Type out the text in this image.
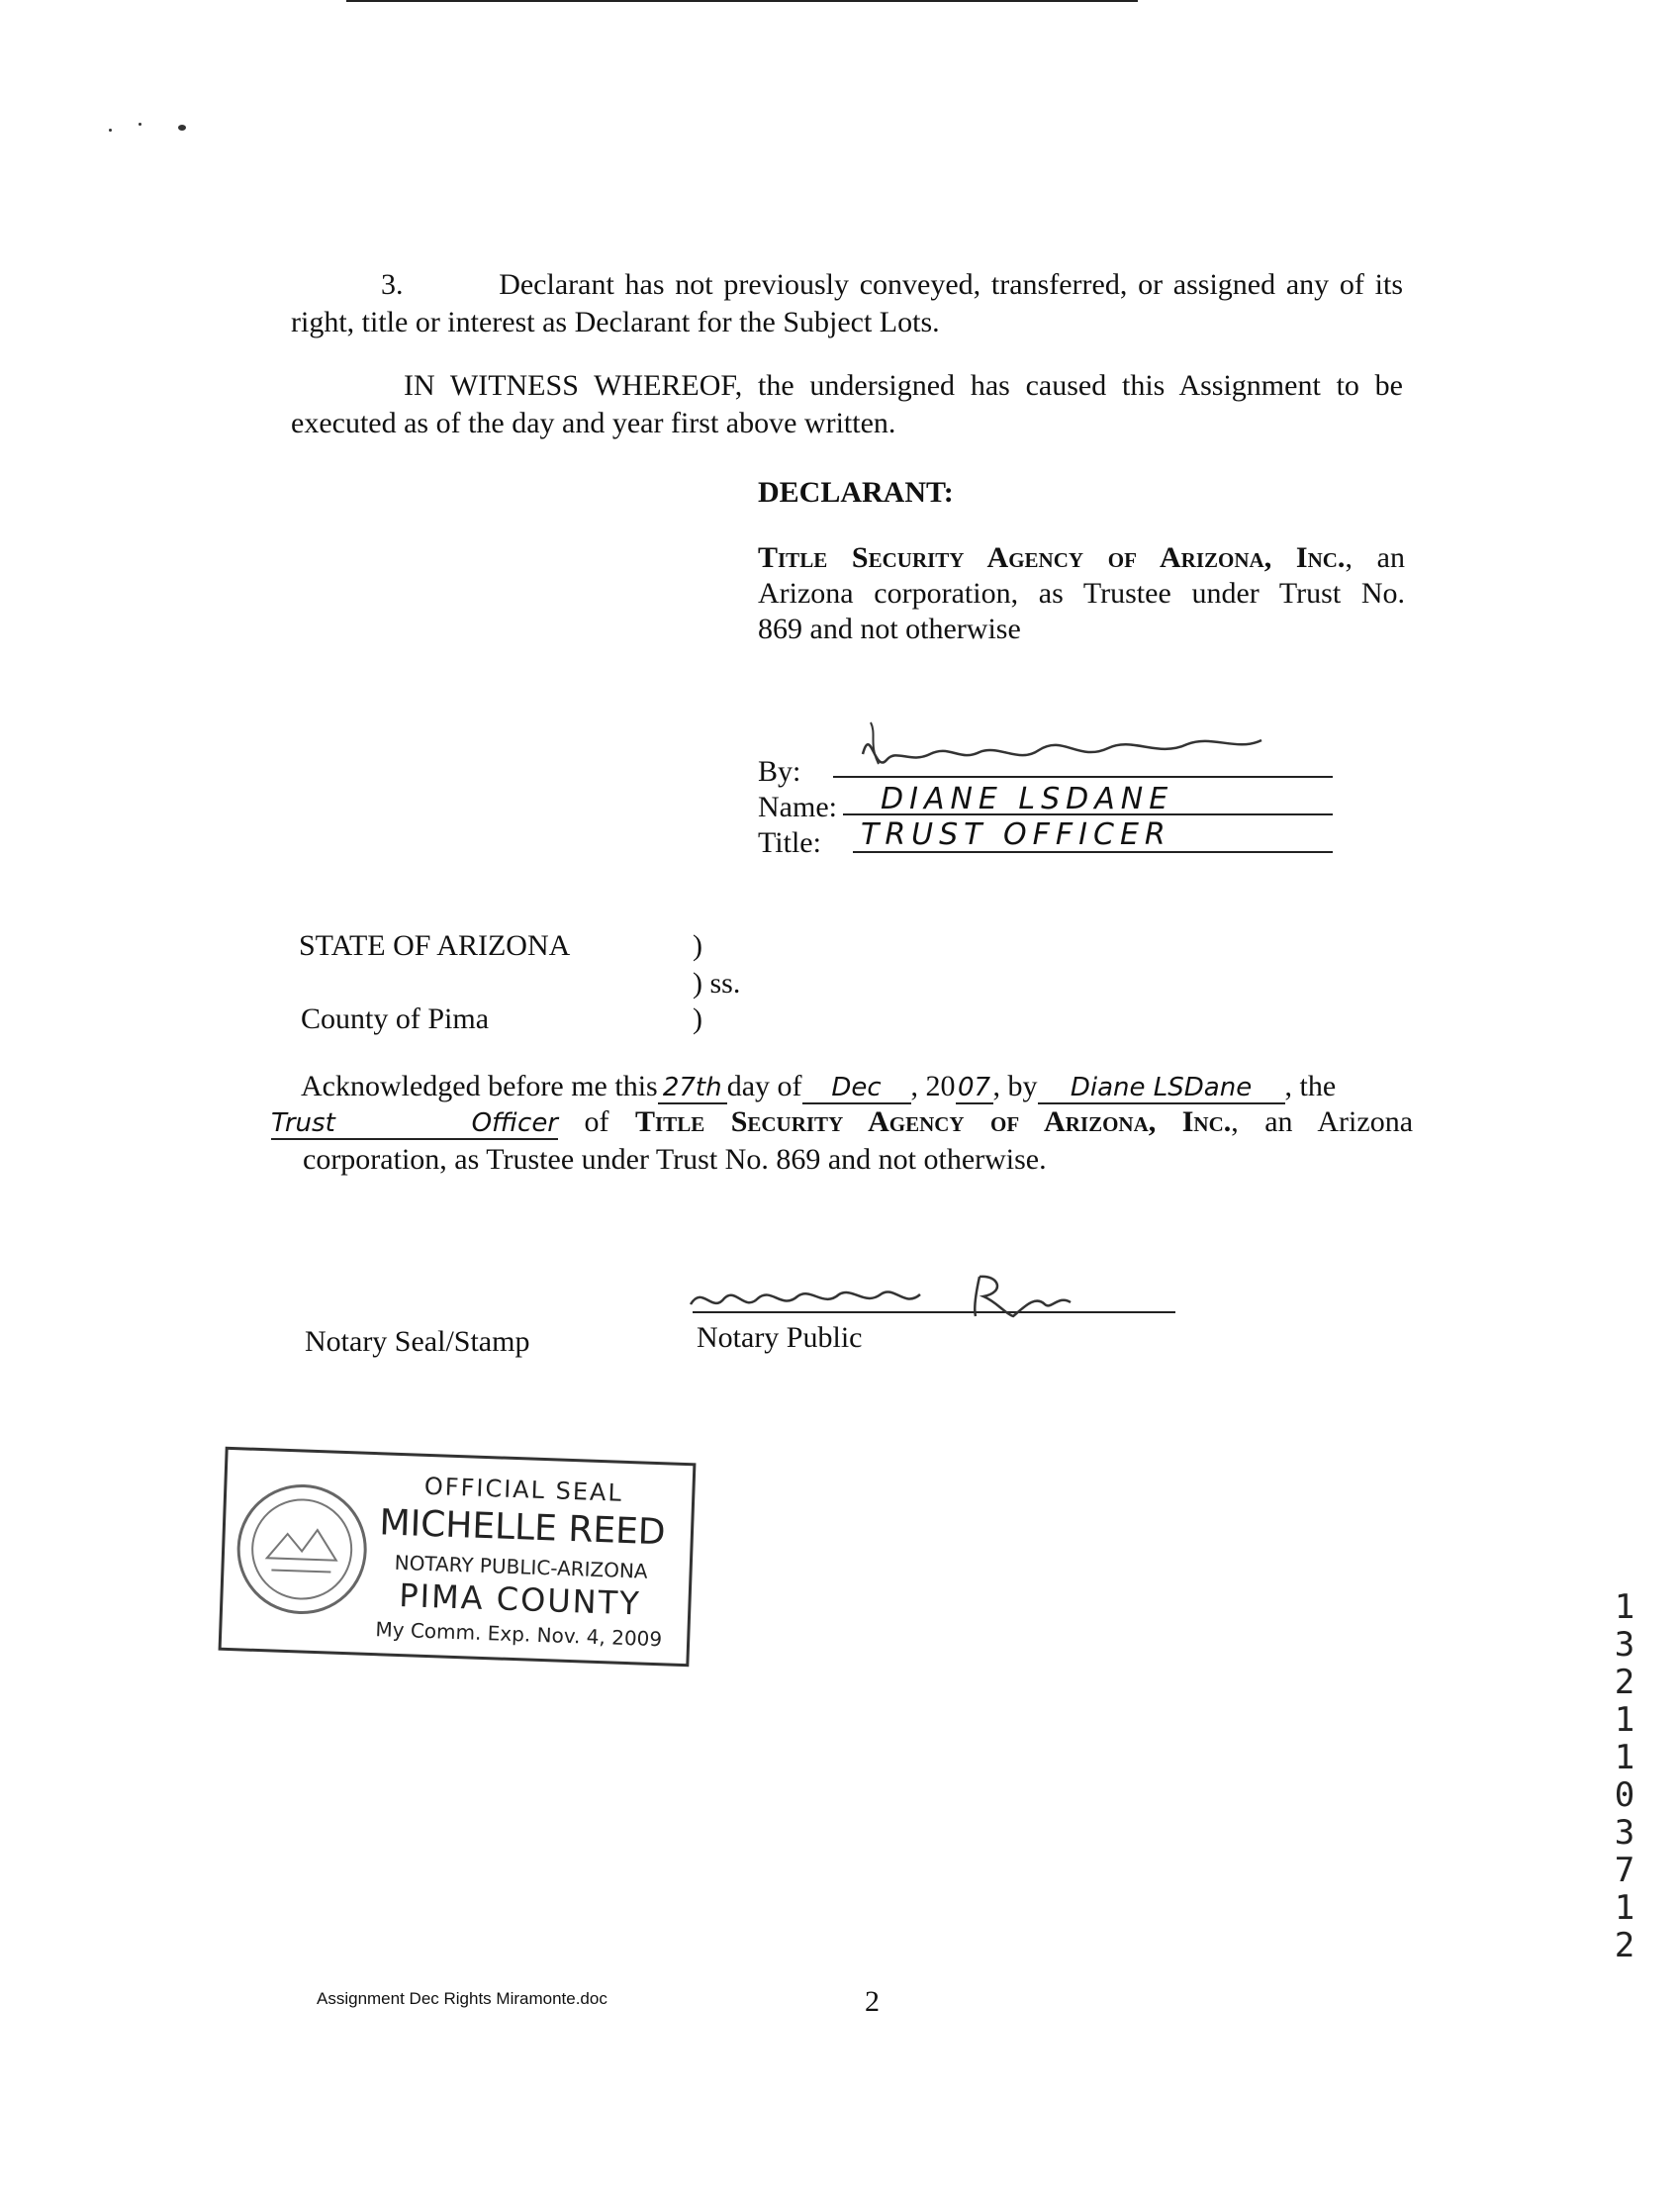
3.	Declarant has not previously conveyed, transferred, or assigned any of its
right, title or interest as Declarant for the Subject Lots.
IN WITNESS WHEREOF, the undersigned has caused this Assignment to be
executed as of the day and year first above written.
DECLARANT:
Title Security Agency of Arizona, Inc., an
Arizona corporation, as Trustee under Trust No.
869 and not otherwise
By:
Name: DIANE LSDANE
Title: TRUST OFFICER
STATE OF ARIZONA	)
) ss.
County of Pima	)
Acknowledged before me this 27th day of Dec , 2007, by Diane LSDane , the
Trust Officer of Title Security Agency of Arizona, Inc., an Arizona
corporation, as Trustee under Trust No. 869 and not otherwise.
Notary Seal/Stamp	Notary Public
OFFICIAL SEAL
MICHELLE REED
NOTARY PUBLIC-ARIZONA
PIMA COUNTY
My Comm. Exp. Nov. 4, 2009
Assignment Dec Rights Miramonte.doc	2
13211 03712
